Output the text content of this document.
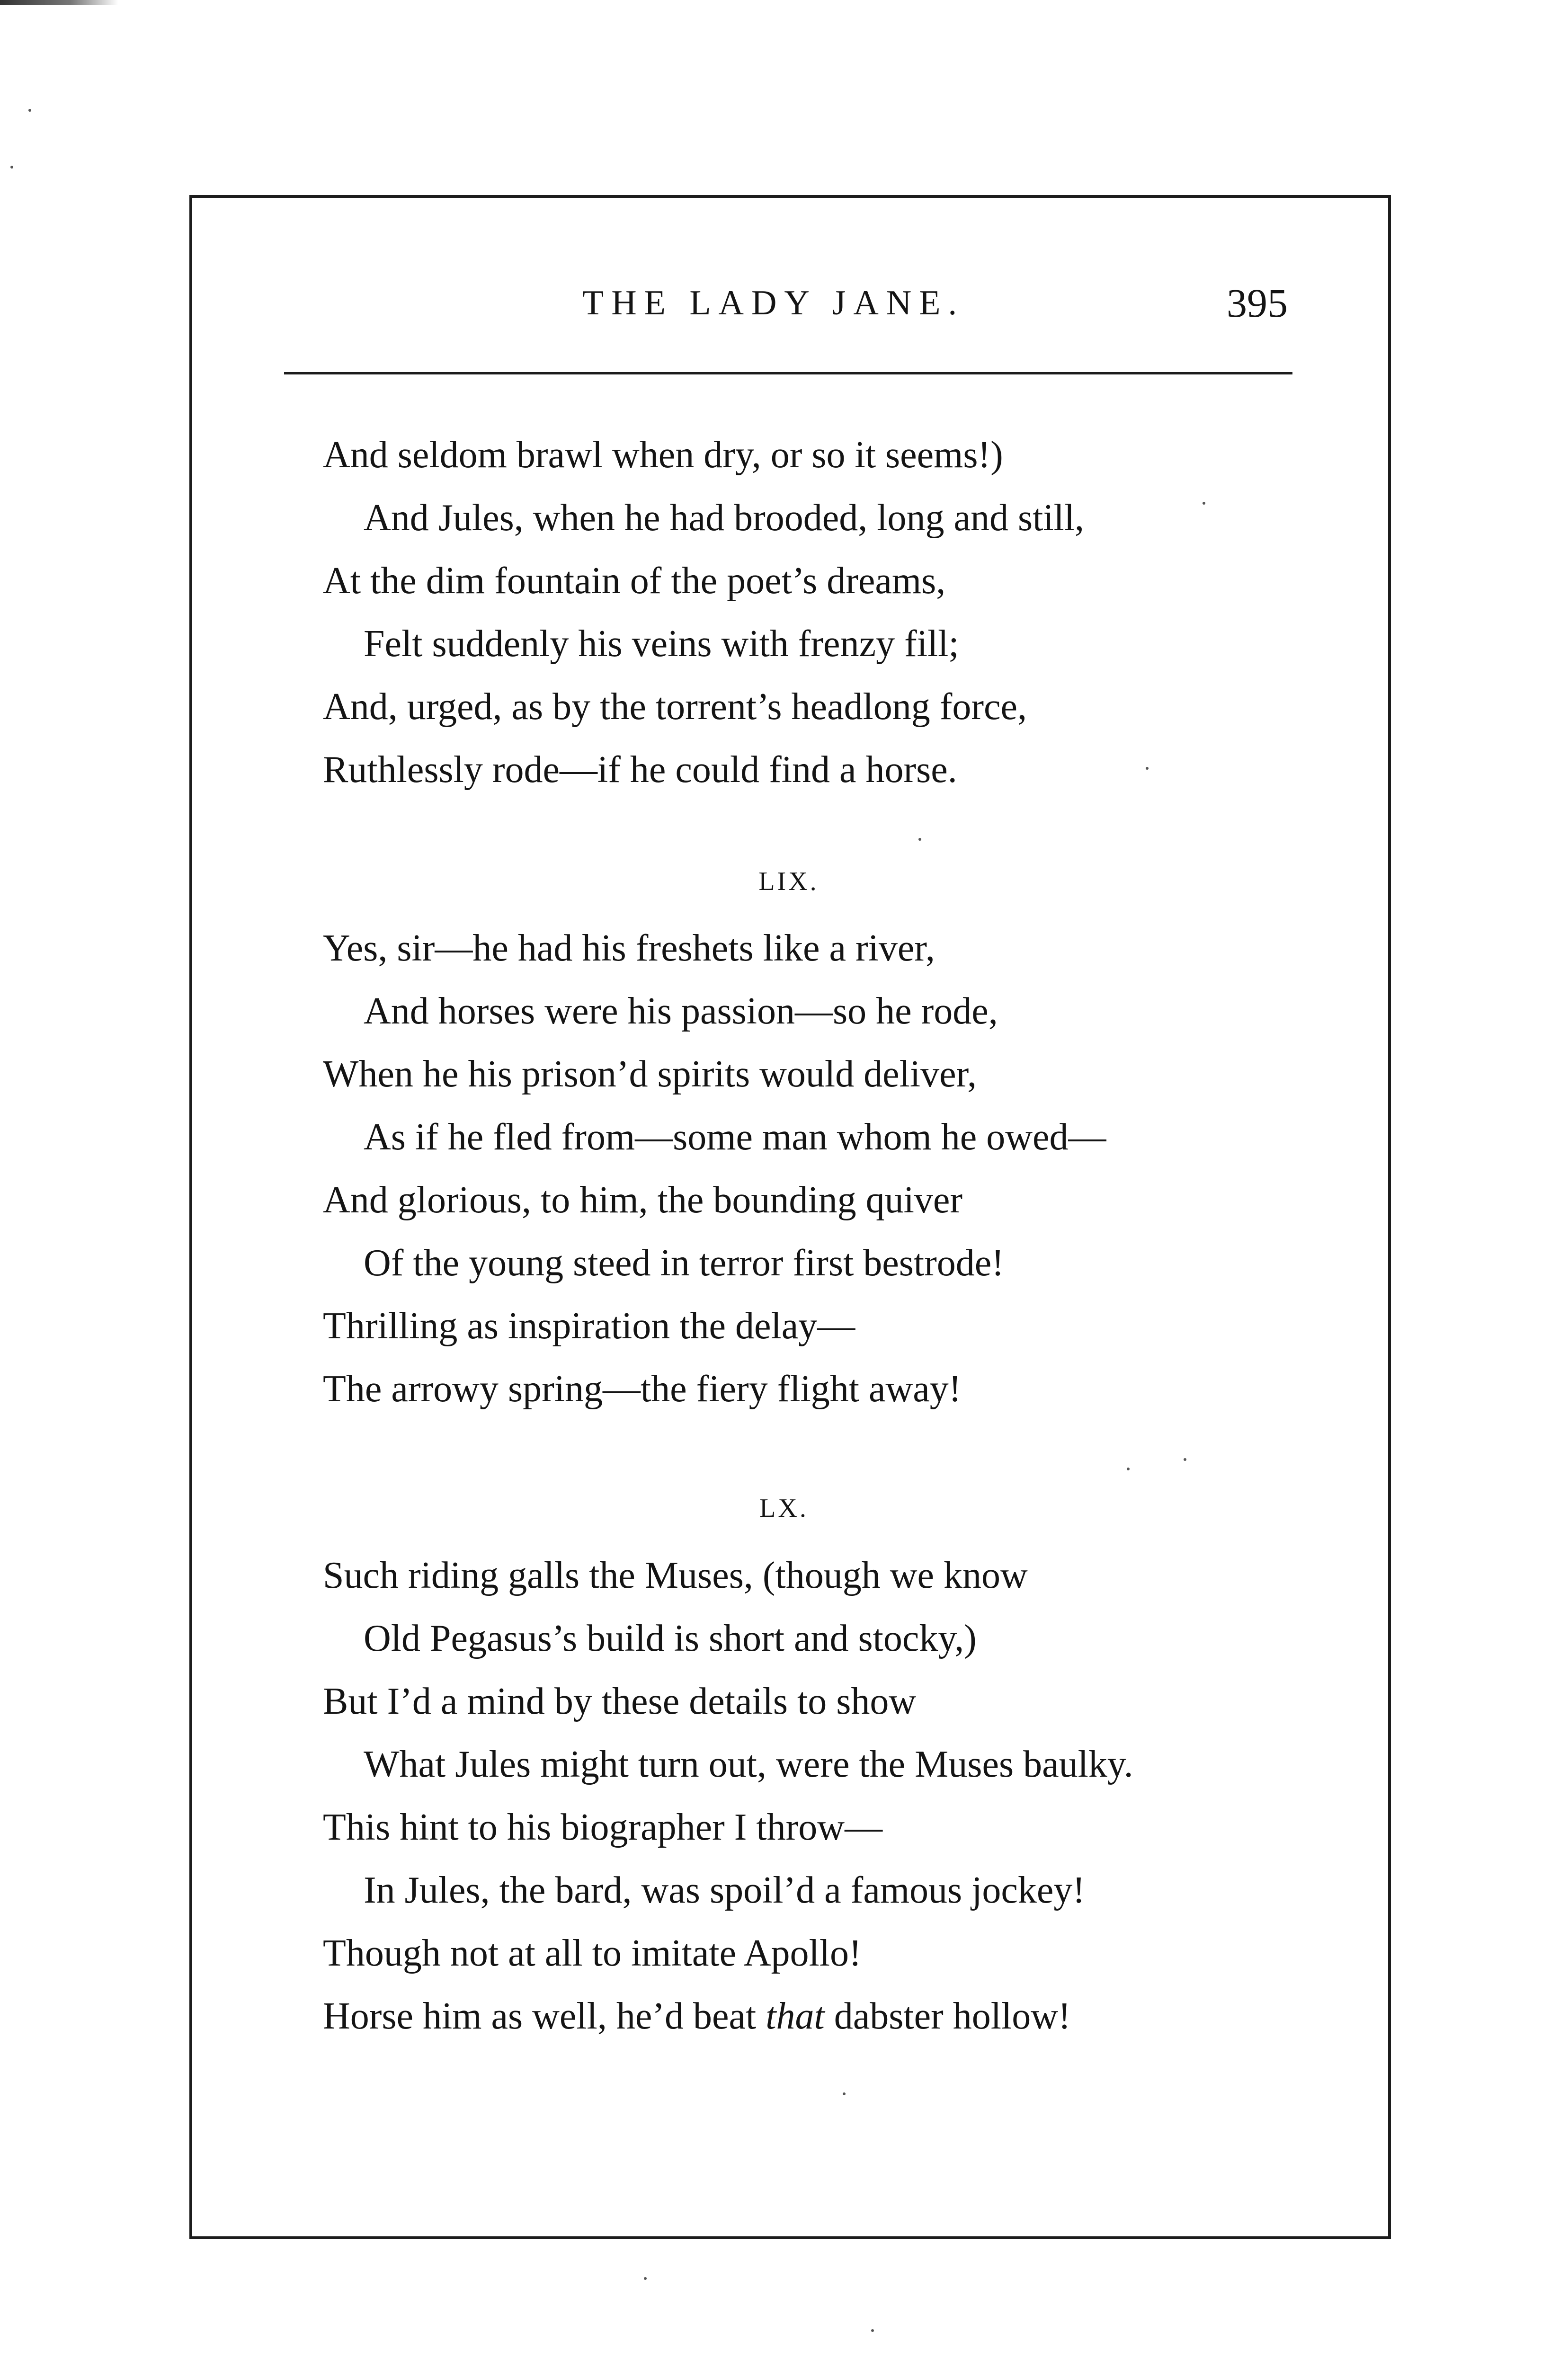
THE LADY JANE.	395
And seldom brawl when dry, or so it seems!)
And Jules, when he had brooded, long and still,
At the dim fountain of the poet’s dreams,
Felt suddenly his veins with frenzy fill;
And, urged, as by the torrent’s headlong force,
Ruthlessly rode—if he could find a horse.
LIX.
Yes, sir—he had his freshets like a river,
And horses were his passion—so he rode,
When he his prison’d spirits would deliver,
As if he fled from—some man whom he owed—
And glorious, to him, the bounding quiver
Of the young steed in terror first bestrode!
Thrilling as inspiration the delay—
The arrowy spring—the fiery flight away!
LX.
Such riding galls the Muses, (though we know
Old Pegasus’s build is short and stocky,)
But I’d a mind by these details to show
What Jules might turn out, were the Muses baulky.
This hint to his biographer I throw—
In Jules, the bard, was spoil’d a famous jockey!
Though not at all to imitate Apollo!
Horse him as well, he’d beat that dabster hollow!
